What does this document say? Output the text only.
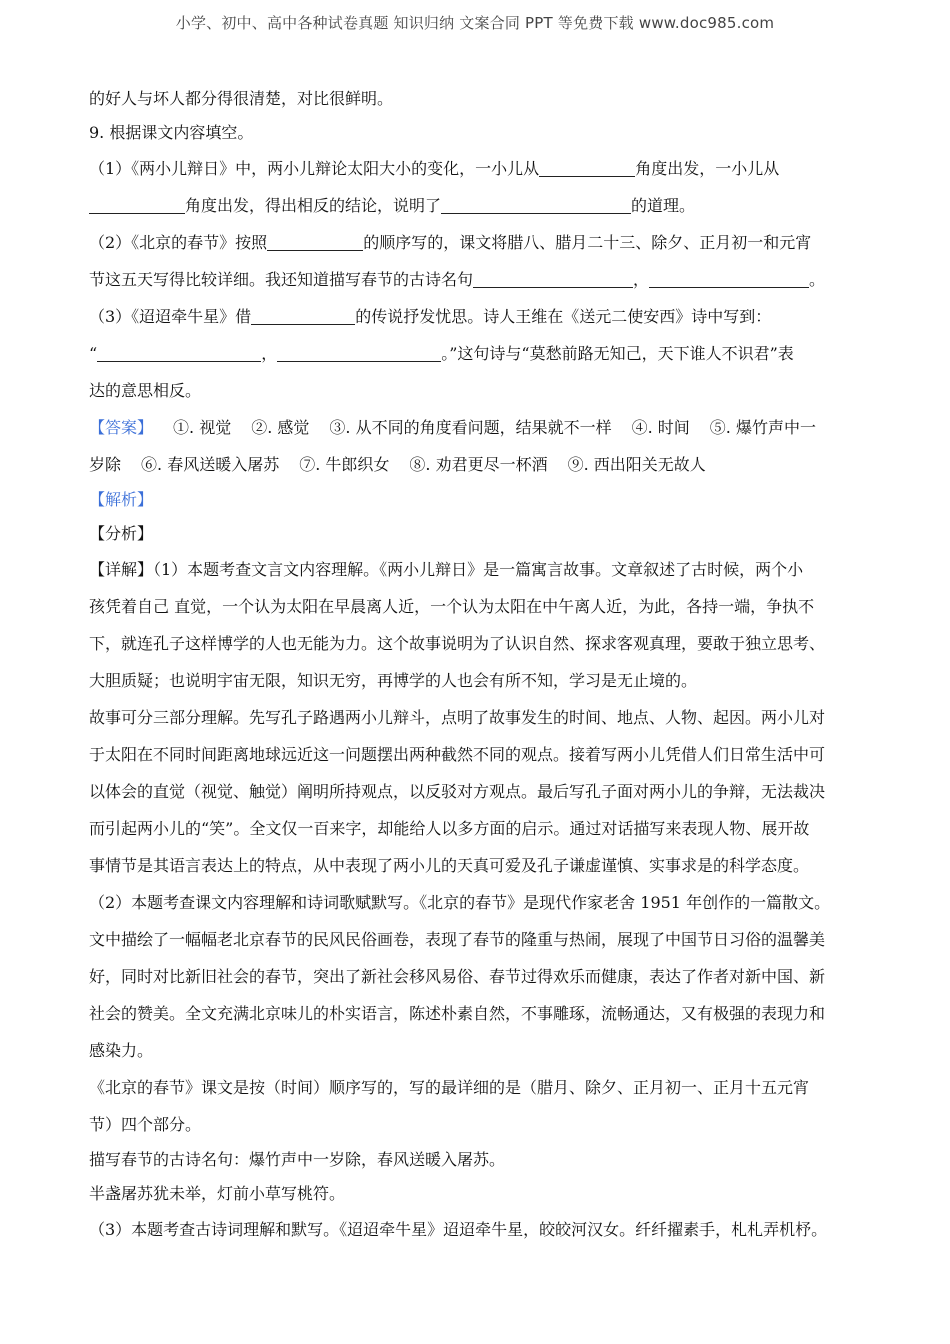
小学、初中、高中各种试卷真题 知识归纳 文案合同 PPT 等免费下载 www.doc985.com
的好人与坏人都分得很清楚，对比很鲜明。
9. 根据课文内容填空。
（1）《两小儿辩日》中，两小儿辩论太阳大小的变化，一小儿从	角度出发，一小儿从
角度出发，得出相反的结论，说明了	的道理。
（2）《北京的春节》按照	的顺序写的，课文将腊八、腊月二十三、除夕、正月初一和元宵
节这五天写得比较详细。我还知道描写春节的古诗名句	，	。
（3）《迢迢牵牛星》借	的传说抒发忧思。诗人王维在《送元二使安西》诗中写到：
“	，	。”这句诗与“莫愁前路无知己，天下谁人不识君”表
达的意思相反。
【答案】 ①. 视觉 ②. 感觉 ③. 从不同的角度看问题，结果就不一样 ④. 时间 ⑤. 爆竹声中一
岁除 ⑥. 春风送暖入屠苏 ⑦. 牛郎织女 ⑧. 劝君更尽一杯酒 ⑨. 西出阳关无故人
【解析】
【分析】
【详解】（1）本题考查文言文内容理解。《两小儿辩日》是一篇寓言故事。文章叙述了古时候，两个小
孩凭着自己 直觉，一个认为太阳在早晨离人近，一个认为太阳在中午离人近，为此，各持一端，争执不
下，就连孔子这样博学的人也无能为力。这个故事说明为了认识自然、探求客观真理，要敢于独立思考、
大胆质疑；也说明宇宙无限，知识无穷，再博学的人也会有所不知，学习是无止境的。
故事可分三部分理解。先写孔子路遇两小儿辩斗，点明了故事发生的时间、地点、人物、起因。两小儿对
于太阳在不同时间距离地球远近这一问题摆出两种截然不同的观点。接着写两小儿凭借人们日常生活中可
以体会的直觉（视觉、触觉）阐明所持观点，以反驳对方观点。最后写孔子面对两小儿的争辩，无法裁决
而引起两小儿的“笑”。全文仅一百来字，却能给人以多方面的启示。通过对话描写来表现人物、展开故
事情节是其语言表达上的特点，从中表现了两小儿的天真可爱及孔子谦虚谨慎、实事求是的科学态度。
（2）本题考查课文内容理解和诗词歌赋默写。《北京的春节》是现代作家老舍 1951 年创作的一篇散文。
文中描绘了一幅幅老北京春节的民风民俗画卷，表现了春节的隆重与热闹，展现了中国节日习俗的温馨美
好，同时对比新旧社会的春节，突出了新社会移风易俗、春节过得欢乐而健康，表达了作者对新中国、新
社会的赞美。全文充满北京味儿的朴实语言，陈述朴素自然，不事雕琢，流畅通达，又有极强的表现力和
感染力。
《北京的春节》课文是按（时间）顺序写的，写的最详细的是（腊月、除夕、正月初一、正月十五元宵
节）四个部分。
描写春节的古诗名句：爆竹声中一岁除，春风送暖入屠苏。
半盏屠苏犹未举，灯前小草写桃符。
（3）本题考查古诗词理解和默写。《迢迢牵牛星》迢迢牵牛星，皎皎河汉女。纤纤擢素手，札札弄机杼。
